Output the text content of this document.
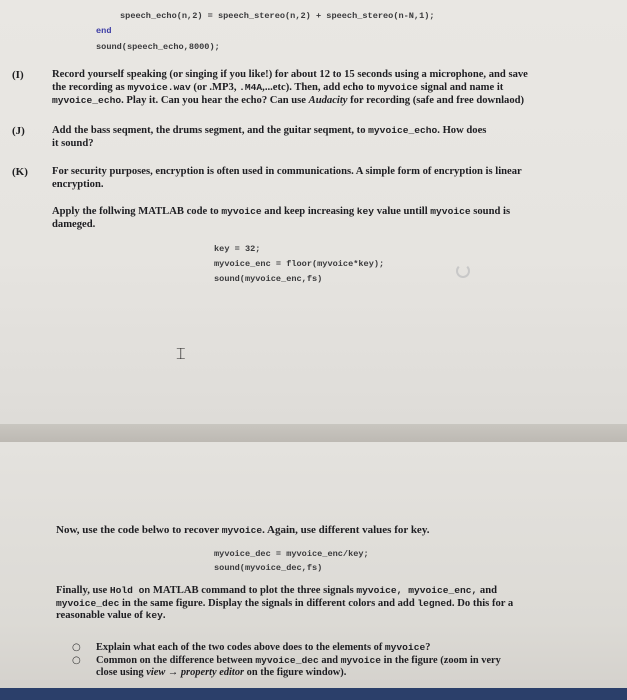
speech_echo(n,2) = speech_stereo(n,2) + speech_stereo(n-N,1);
end
sound(speech_echo,8000);
(I)	Record yourself speaking (or singing if you like!) for about 12 to 15 seconds using a microphone, and save
the recording as myvoice.wav (or .MP3, .M4A,...etc). Then, add echo to myvoice signal and name it
myvoice_echo. Play it. Can you hear the echo? Can use Audacity for recording (safe and free downlaod)
(J)	Add the bass seqment, the drums segment, and the guitar seqment, to myvoice_echo. How does
it sound?
(K) For security purposes, encryption is often used in communications. A simple form of encryption is linear
encryption.
Apply the follwing MATLAB code to myvoice and keep increasing key value untill myvoice sound is
dameged.
key = 32;
myvoice_enc = floor(myvoice*key);
sound(myvoice_enc,fs)
⌶
Now, use the code belwo to recover myvoice. Again, use different values for key.
myvoice_dec = myvoice_enc/key;
sound(myvoice_dec,fs)
Finally, use Hold on MATLAB command to plot the three signals myvoice, myvoice_enc, and
myvoice_dec in the same figure. Display the signals in different colors and add legned. Do this for a
reasonable value of key.
○
○
Explain what each of the two codes above does to the elements of myvoice?
Common on the difference between myvoice_dec and myvoice in the figure (zoom in very
close using view → property editor on the figure window).
